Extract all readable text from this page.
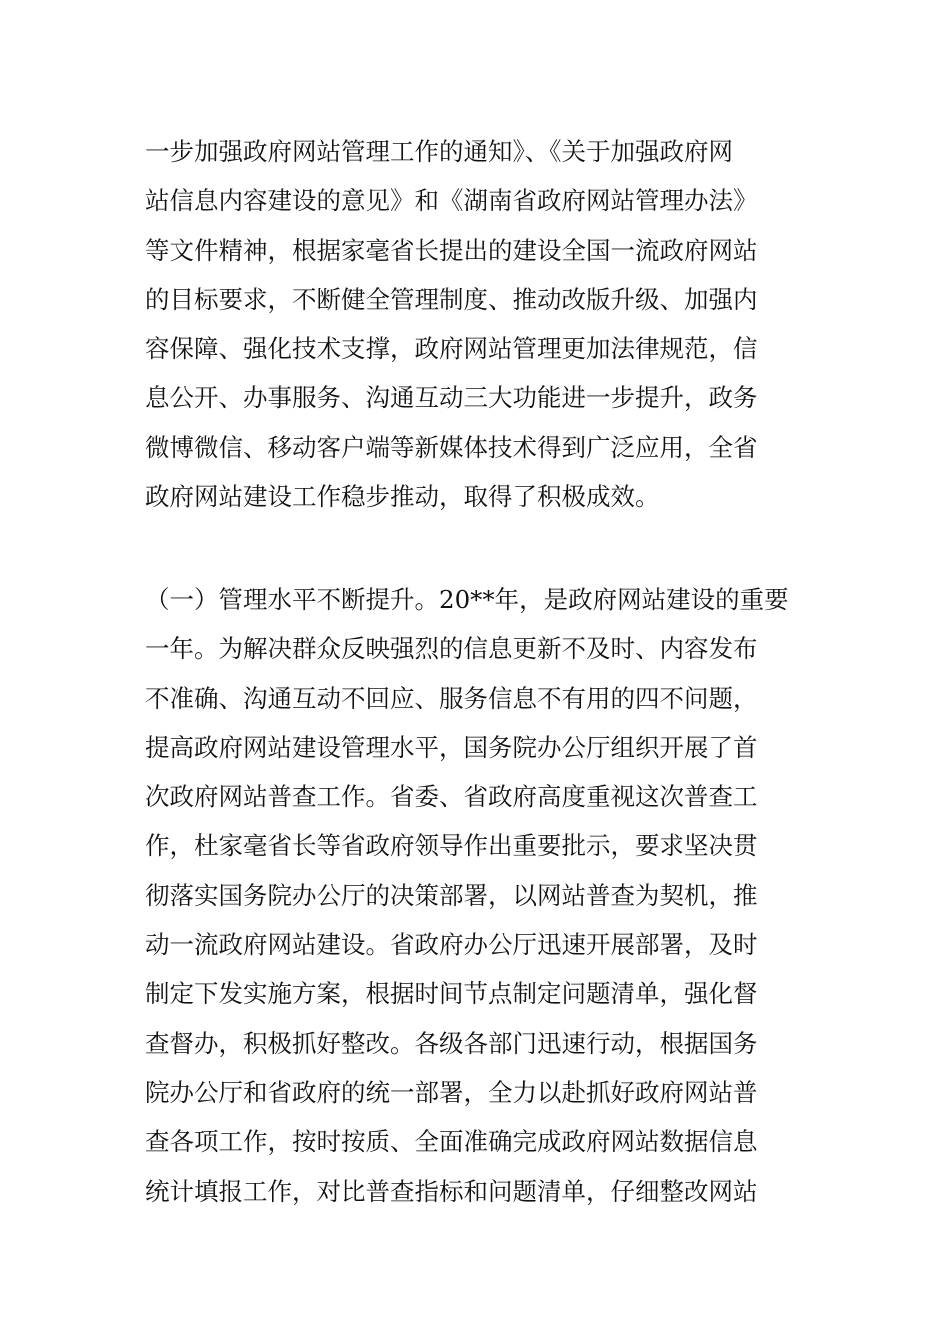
一步加强政府网站管理工作的通知》、《关于加强政府网
站信息内容建设的意见》和《湖南省政府网站管理办法》
等文件精神，根据家毫省长提出的建设全国一流政府网站
的目标要求，不断健全管理制度、推动改版升级、加强内
容保障、强化技术支撑，政府网站管理更加法律规范，信
息公开、办事服务、沟通互动三大功能进一步提升，政务
微博微信、移动客户端等新媒体技术得到广泛应用，全省
政府网站建设工作稳步推动，取得了积极成效。
（一）管理水平不断提升。20**年，是政府网站建设的重要
一年。为解决群众反映强烈的信息更新不及时、内容发布
不准确、沟通互动不回应、服务信息不有用的四不问题，
提高政府网站建设管理水平，国务院办公厅组织开展了首
次政府网站普查工作。省委、省政府高度重视这次普查工
作，杜家毫省长等省政府领导作出重要批示，要求坚决贯
彻落实国务院办公厅的决策部署，以网站普查为契机，推
动一流政府网站建设。省政府办公厅迅速开展部署，及时
制定下发实施方案，根据时间节点制定问题清单，强化督
查督办，积极抓好整改。各级各部门迅速行动，根据国务
院办公厅和省政府的统一部署，全力以赴抓好政府网站普
查各项工作，按时按质、全面准确完成政府网站数据信息
统计填报工作，对比普查指标和问题清单，仔细整改网站
